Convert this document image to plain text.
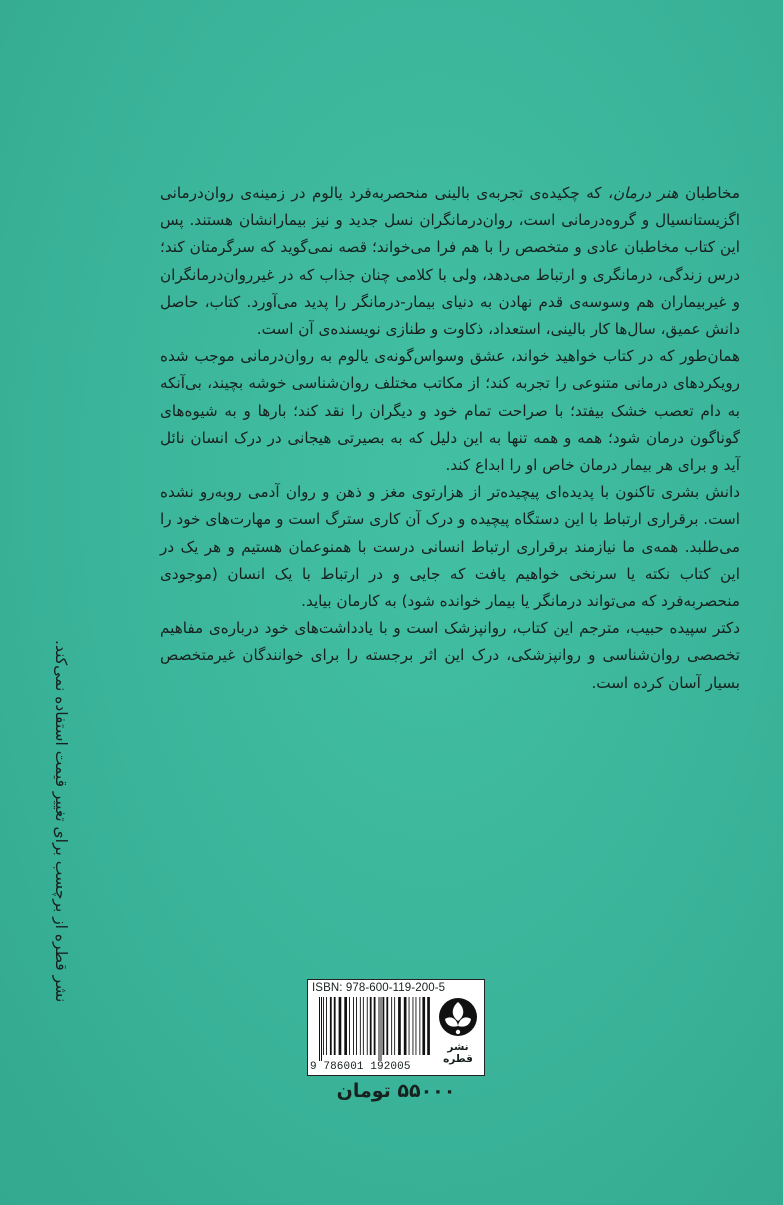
مخاطبان هنر درمان، که چکیده‌ی تجربه‌ی بالینی منحصربه‌فرد یالوم در زمینه‌ی روان‌درمانی اگزیستانسیال و گروه‌درمانی است، روان‌درمانگران نسل جدید و نیز بیمارانشان هستند. پس این کتاب مخاطبان عادی و متخصص را با هم فرا می‌خواند؛ قصه نمی‌گوید که سرگرمتان کند؛ درس زندگی، درمانگری و ارتباط می‌دهد، ولی با کلامی چنان جذاب که در غیرروان‌درمانگران و غیربیماران هم وسوسه‌ی قدم نهادن به دنیای بیمار-درمانگر را پدید می‌آورد. کتاب، حاصل دانش عمیق، سال‌ها کار بالینی، استعداد، ذکاوت و طنازی نویسنده‌ی آن است.

همان‌طور که در کتاب خواهید خواند، عشق وسواس‌گونه‌ی یالوم به روان‌درمانی موجب شده رویکردهای درمانی متنوعی را تجربه کند؛ از مکاتب مختلف روان‌شناسی خوشه بچیند، بی‌آنکه به دام تعصب خشک بیفتد؛ با صراحت تمام خود و دیگران را نقد کند؛ بارها و به شیوه‌های گوناگون درمان شود؛ همه و همه تنها به این دلیل که به بصیرتی هیجانی در درک انسان نائل آید و برای هر بیمار درمان خاص او را ابداع کند.

دانش بشری تاکنون با پدیده‌ای پیچیده‌تر از هزارتوی مغز و ذهن و روان آدمی روبه‌رو نشده است. برقراری ارتباط با این دستگاه پیچیده و درک آن کاری سترگ است و مهارت‌های خود را می‌طلبد. همه‌ی ما نیازمند برقراری ارتباط انسانی درست با همنوعمان هستیم و هر یک در این کتاب نکته یا سرنخی خواهیم یافت که جایی و در ارتباط با یک انسان (موجودی منحصربه‌فرد که می‌تواند درمانگر یا بیمار خوانده شود) به کارمان بیاید.

دکتر سپیده حبیب، مترجم این کتاب، روانپزشک است و با یادداشت‌های خود درباره‌ی مفاهیم تخصصی روان‌شناسی و روانپزشکی، درک این اثر برجسته را برای خوانندگان غیرمتخصص بسیار آسان کرده است.

نشر قطره از برچسب برای تغییر قیمت استفاده نمی‌کند.	ISBN: 978-600-119-200-5
9 786001 192005
نشر قطره
۵۵۰۰۰ تومان
